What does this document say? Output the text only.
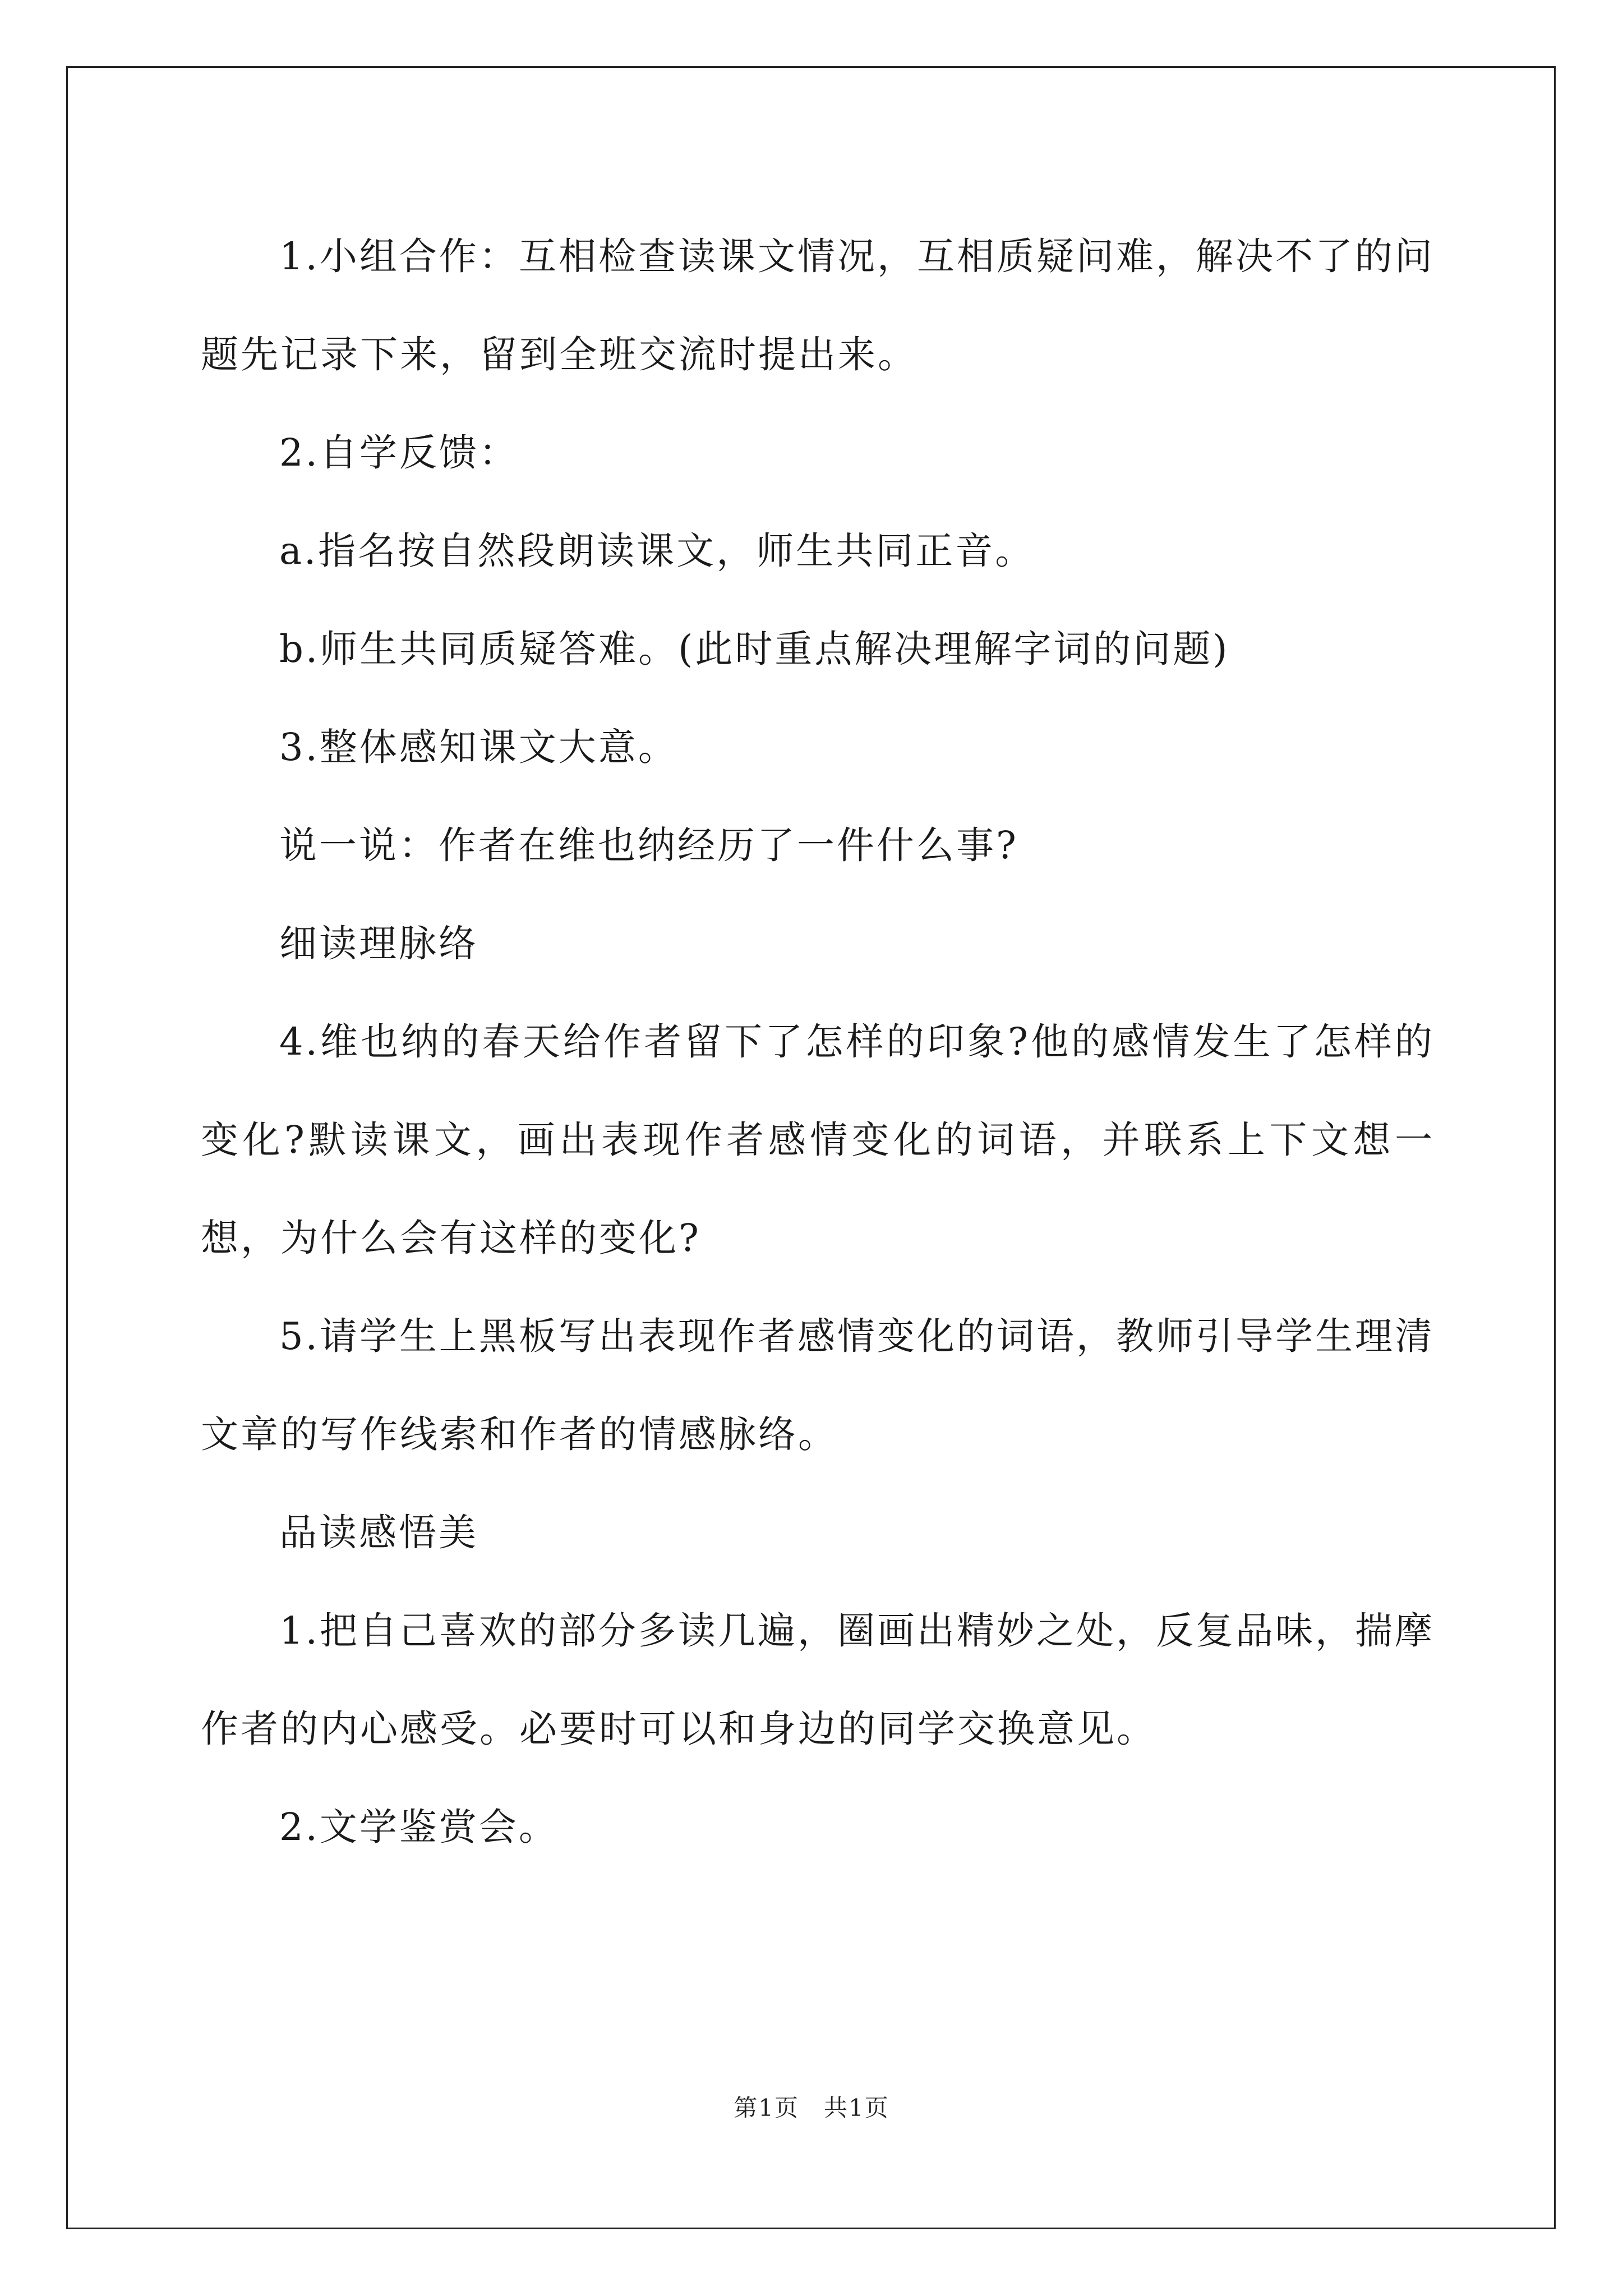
1.小组合作：互相检查读课文情况，互相质疑问难，解决不了的问题先记录下来，留到全班交流时提出来。

2.自学反馈：

a.指名按自然段朗读课文，师生共同正音。

b.师生共同质疑答难。(此时重点解决理解字词的问题)

3.整体感知课文大意。

说一说：作者在维也纳经历了一件什么事?

细读理脉络

4.维也纳的春天给作者留下了怎样的印象?他的感情发生了怎样的变化?默读课文，画出表现作者感情变化的词语，并联系上下文想一想，为什么会有这样的变化?

5.请学生上黑板写出表现作者感情变化的词语，教师引导学生理清文章的写作线索和作者的情感脉络。

品读感悟美

1.把自己喜欢的部分多读几遍，圈画出精妙之处，反复品味，揣摩作者的内心感受。必要时可以和身边的同学交换意见。

2.文学鉴赏会。

第1页　共1页
